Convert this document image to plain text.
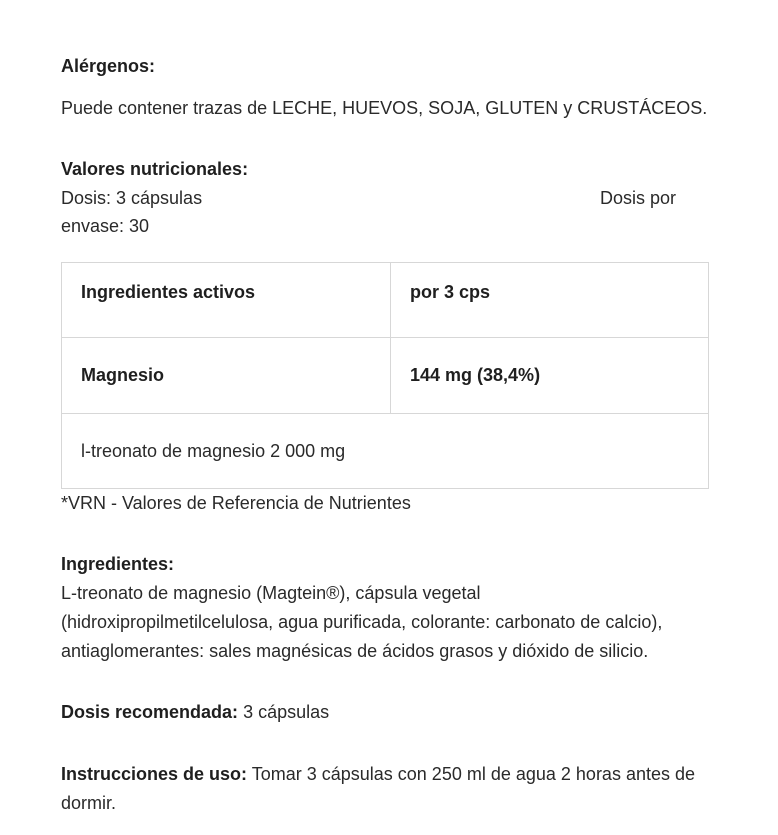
Alérgenos:

Puede contener trazas de LECHE, HUEVOS, SOJA, GLUTEN y CRUSTÁCEOS.

Valores nutricionales:

Dosis: 3 cápsulas	Dosis por

envase: 30

Ingredientes activos	por 3 cps
Magnesio	144 mg (38,4%)
l-treonato de magnesio 2 000 mg	

*VRN - Valores de Referencia de Nutrientes

Ingredientes:
L-treonato de magnesio (Magtein®), cápsula vegetal
(hidroxipropilmetilcelulosa, agua purificada, colorante: carbonato de calcio),
antiaglomerantes: sales magnésicas de ácidos grasos y dióxido de silicio.

Dosis recomendada: 3 cápsulas

Instrucciones de uso: Tomar 3 cápsulas con 250 ml de agua 2 horas antes de
dormir.
